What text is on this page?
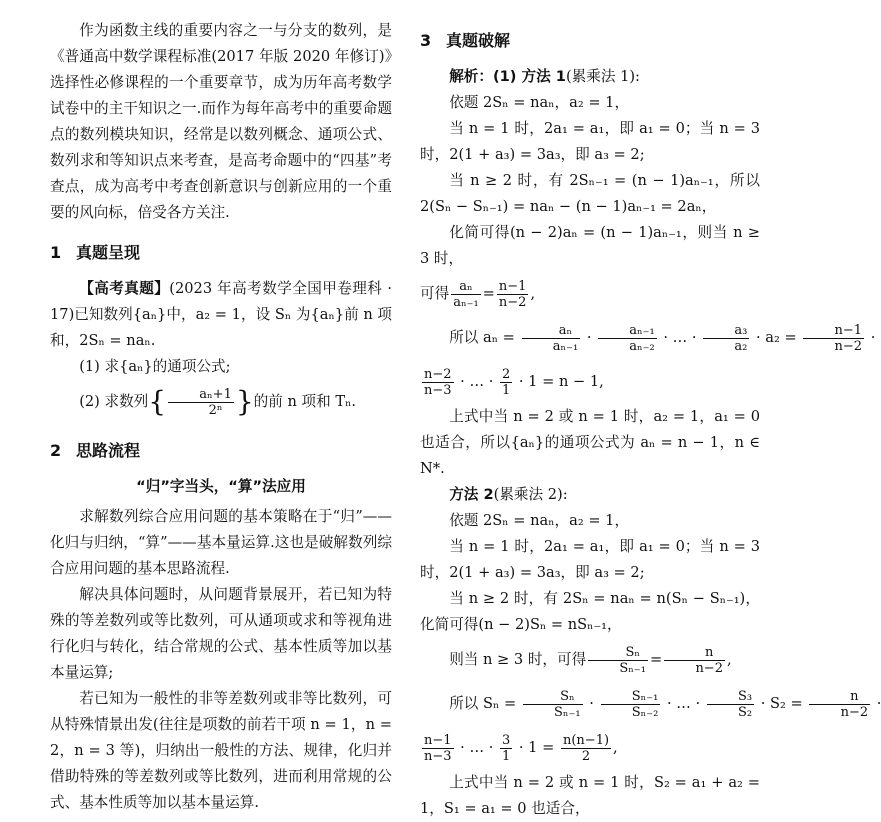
作为函数主线的重要内容之一与分支的数列，是《普通高中数学课程标准(2017 年版 2020 年修订)》选择性必修课程的一个重要章节，成为历年高考数学试卷中的主干知识之一.而作为每年高考中的重要命题点的数列模块知识，经常是以数列概念、通项公式、数列求和等知识点来考查，是高考命题中的“四基”考查点，成为高考中考查创新意识与创新应用的一个重要的风向标，倍受各方关注.

1 真题呈现

【高考真题】(2023 年高考数学全国甲卷理科 · 17)已知数列{aₙ}中，a₂ = 1，设 Sₙ 为{aₙ}前 n 项和，2Sₙ = naₙ.

(1) 求{aₙ}的通项公式;

(2) 求数列{ $\frac{\text{aₙ+1}}{\text{2ⁿ}}$ }的前 n 项和 Tₙ.

2 思路流程
“归”字当头，“算”法应用

求解数列综合应用问题的基本策略在于“归”——化归与归纳，“算”——基本量运算.这也是破解数列综合应用问题的基本思路流程.

解决具体问题时，从问题背景展开，若已知为特殊的等差数列或等比数列，可从通项或求和等视角进行化归与转化，结合常规的公式、基本性质等加以基本量运算;

若已知为一般性的非等差数列或非等比数列，可从特殊情景出发(往往是项数的前若干项 n = 1，n = 2，n = 3 等)，归纳出一般性的方法、规律，化归并借助特殊的等差数列或等比数列，进而利用常规的公式、基本性质等加以基本量运算.

3 真题破解

解析：(1) 方法 1(累乘法 1):

依题 2Sₙ = naₙ，a₂ = 1，

当 n = 1 时，2a₁ = a₁，即 a₁ = 0；当 n = 3 时，2(1 + a₃) = 3a₃，即 a₃ = 2;

当 n ≥ 2 时，有 2Sₙ₋₁ = (n − 1)aₙ₋₁，所以 2(Sₙ − Sₙ₋₁) = naₙ − (n − 1)aₙ₋₁ = 2aₙ，

化简可得(n − 2)aₙ = (n − 1)aₙ₋₁，则当 n ≥ 3 时，

可得 $\frac{\text{aₙ}}{\text{aₙ₋₁}} = \frac{n-1}{n-2}$ ,

所以 $a_n = \frac{\text{aₙ}}{\text{aₙ₋₁}} \cdot \frac{\text{aₙ₋₁}}{\text{aₙ₋₂}}$ · … · $\frac{\text{a₃}}{\text{a₂}} \cdot a_2 = \frac{n-1}{n-2}$ ·

$\frac{n-2}{n-3}$ · … · $\frac{2}{1} \cdot 1 = n - 1$,

上式中当 n = 2 或 n = 1 时，a₂ = 1，a₁ = 0 也适合，所以{aₙ}的通项公式为 aₙ = n − 1，n ∈ N*.

方法 2(累乘法 2):

依题 2Sₙ = naₙ，a₂ = 1，

当 n = 1 时，2a₁ = a₁，即 a₁ = 0；当 n = 3 时，2(1 + a₃) = 3a₃，即 a₃ = 2;

当 n ≥ 2 时，有 2Sₙ = naₙ = n(Sₙ − Sₙ₋₁)，化简可得(n − 2)Sₙ = nSₙ₋₁，

则当 n ≥ 3 时，可得 $\frac{\text{Sₙ}}{\text{Sₙ₋₁}} = \frac{n}{n-2}$ ,

所以 $S_n = \frac{\text{Sₙ}}{\text{Sₙ₋₁}} \cdot \frac{\text{Sₙ₋₁}}{\text{Sₙ₋₂}}$ · … · $\frac{\text{S₃}}{\text{S₂}} \cdot S_2 = \frac{n}{n-2}$ ·

$\frac{n-1}{n-3}$ · … · $\frac{3}{1} \cdot 1 = \frac{n(n-1)}{2}$ ,

上式中当 n = 2 或 n = 1 时，S₂ = a₁ + a₂ = 1，S₁ = a₁ = 0 也适合，
